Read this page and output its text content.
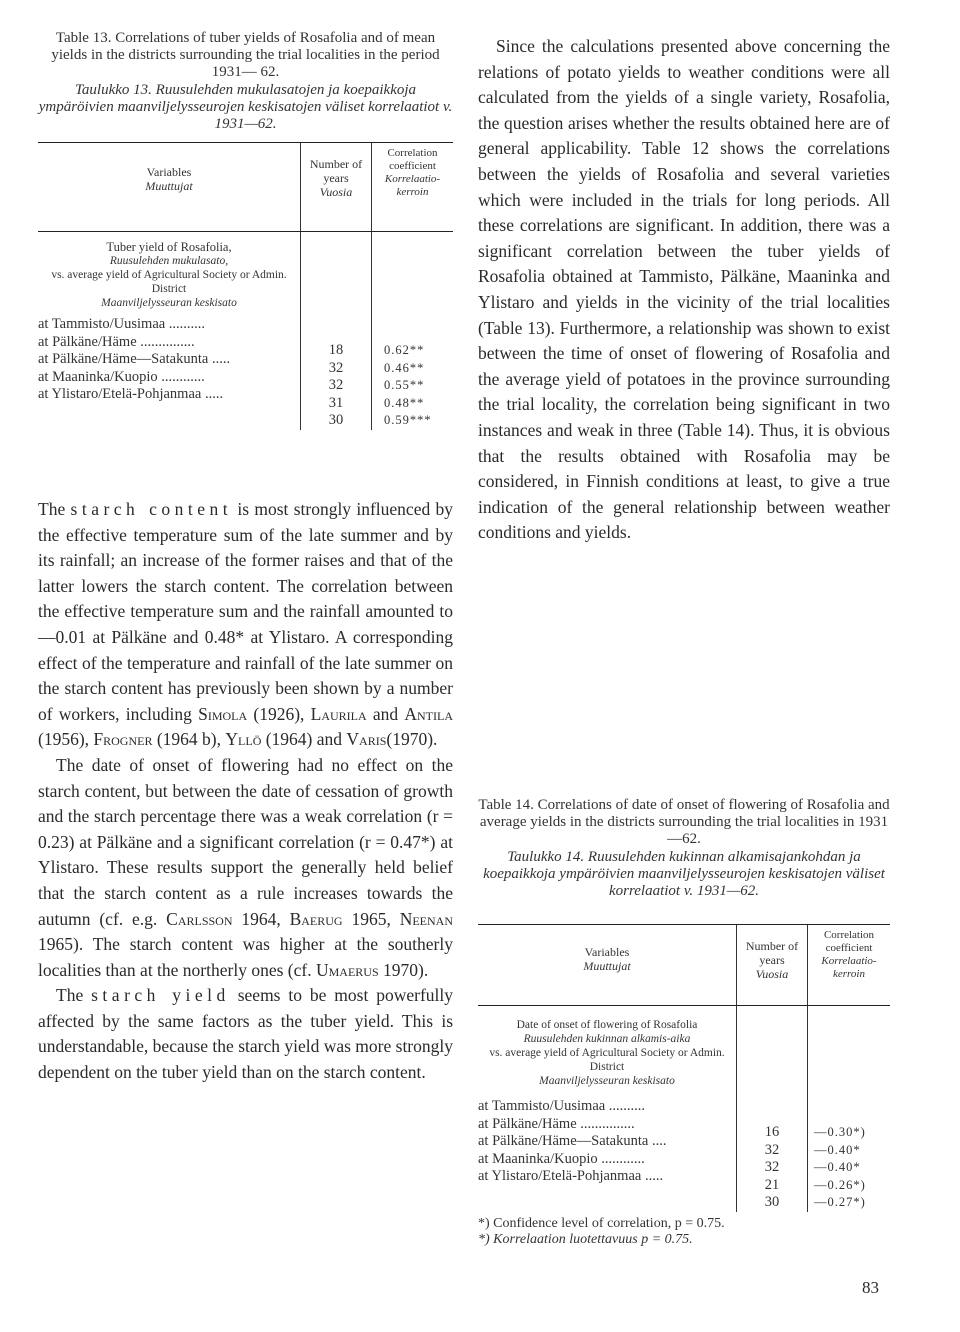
Table 13. Correlations of tuber yields of Rosafolia and of mean yields in the districts surrounding the trial localities in the period 1931— 62.
Taulukko 13. Ruusulehden mukulasatojen ja koepaikkoja ympäröivien maanviljelysseurojen keskisatojen väliset korrelaatiot v. 1931—62.
Variables
Muuttujat
Number of years
Vuosia
Correlation coefficient
Korrelaatio-kerroin
Tuber yield of Rosafolia,
Ruusulehden mukulasato,
vs. average yield of Agricultural Society or Admin. District
Maanviljelysseuran keskisato
at Tammisto/Uusimaa ..........
at Pälkäne/Häme ...............
at Pälkäne/Häme—Satakunta .....
at Maaninka/Kuopio ............
at Ylistaro/Etelä-Pohjanmaa .....
18
32
32
31
30
0.62**
0.46**
0.55**
0.48**
0.59***

The starch content is most strongly influenced by the effective temperature sum of the late summer and by its rainfall; an increase of the former raises and that of the latter lowers the starch content. The correlation between the effective temperature sum and the rainfall amounted to —0.01 at Pälkäne and 0.48* at Ylistaro. A corresponding effect of the temperature and rainfall of the late summer on the starch content has previously been shown by a number of workers, including Simola (1926), Laurila and Antila (1956), Frogner (1964 b), Yllö (1964) and Varis(1970).

The date of onset of flowering had no effect on the starch content, but between the date of cessation of growth and the starch percentage there was a weak correlation (r = 0.23) at Pälkäne and a significant correlation (r = 0.47*) at Ylistaro. These results support the generally held belief that the starch content as a rule increases towards the autumn (cf. e.g. Carlsson 1964, Baerug 1965, Neenan 1965). The starch content was higher at the southerly localities than at the northerly ones (cf. Umaerus 1970).

The starch yield seems to be most powerfully affected by the same factors as the tuber yield. This is understandable, because the starch yield was more strongly dependent on the tuber yield than on the starch content.

Since the calculations presented above concerning the relations of potato yields to weather conditions were all calculated from the yields of a single variety, Rosafolia, the question arises whether the results obtained here are of general applicability. Table 12 shows the correlations between the yields of Rosafolia and several varieties which were included in the trials for long periods. All these correlations are significant. In addition, there was a significant correlation between the tuber yields of Rosafolia obtained at Tammisto, Pälkäne, Maaninka and Ylistaro and yields in the vicinity of the trial localities (Table 13). Furthermore, a relationship was shown to exist between the time of onset of flowering of Rosafolia and the average yield of potatoes in the province surrounding the trial locality, the correlation being significant in two instances and weak in three (Table 14). Thus, it is obvious that the results obtained with Rosafolia may be considered, in Finnish conditions at least, to give a true indication of the general relationship between weather conditions and yields.

Table 14. Correlations of date of onset of flowering of Rosafolia and average yields in the districts surrounding the trial localities in 1931—62.
Taulukko 14. Ruusulehden kukinnan alkamisajankohdan ja koepaikkoja ympäröivien maanviljelysseurojen keskisatojen väliset korrelaatiot v. 1931—62.
Variables
Muuttujat
Number of years
Vuosia
Correlation coefficient
Korrelaatio-kerroin
Date of onset of flowering of Rosafolia
Ruusulehden kukinnan alkamis-aika
vs. average yield of Agricultural Society or Admin. District
Maanviljelysseuran keskisato
at Tammisto/Uusimaa ..........
at Pälkäne/Häme ...............
at Pälkäne/Häme—Satakunta ....
at Maaninka/Kuopio ............
at Ylistaro/Etelä-Pohjanmaa .....
16
32
32
21
30
—0.30*)
—0.40*
—0.40*
—0.26*)
—0.27*)
*) Confidence level of correlation, p = 0.75.
*) Korrelaation luotettavuus p = 0.75.
83
